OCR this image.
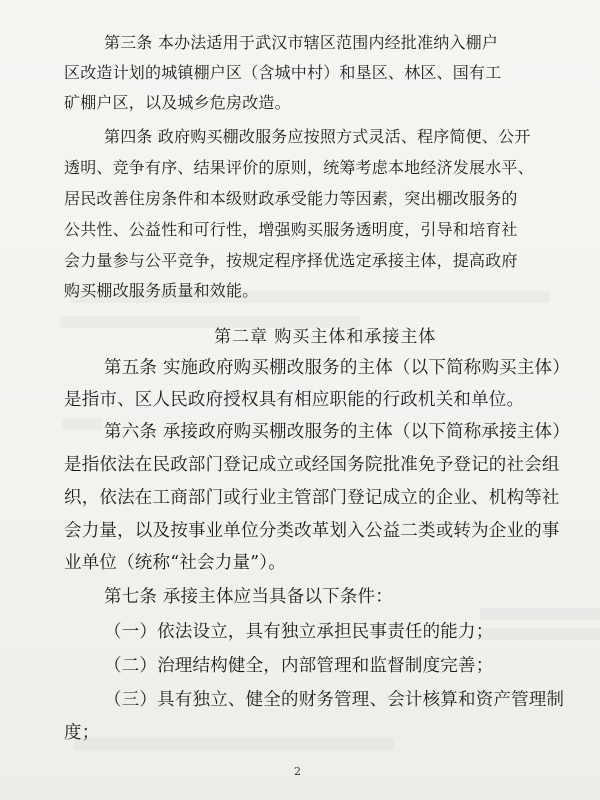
第三条 本办法适用于武汉市辖区范围内经批准纳入棚户
区改造计划的城镇棚户区（含城中村）和垦区、林区、国有工
矿棚户区，以及城乡危房改造。
第四条 政府购买棚改服务应按照方式灵活、程序简便、公开
透明、竞争有序、结果评价的原则，统筹考虑本地经济发展水平、
居民改善住房条件和本级财政承受能力等因素，突出棚改服务的
公共性、公益性和可行性，增强购买服务透明度，引导和培育社
会力量参与公平竞争，按规定程序择优选定承接主体，提高政府
购买棚改服务质量和效能。
第二章 购买主体和承接主体
第五条 实施政府购买棚改服务的主体（以下简称购买主体）
是指市、区人民政府授权具有相应职能的行政机关和单位。
第六条 承接政府购买棚改服务的主体（以下简称承接主体）
是指依法在民政部门登记成立或经国务院批准免予登记的社会组
织，依法在工商部门或行业主管部门登记成立的企业、机构等社
会力量，以及按事业单位分类改革划入公益二类或转为企业的事
业单位（统称“社会力量”）。
第七条 承接主体应当具备以下条件：
（一）依法设立，具有独立承担民事责任的能力；
（二）治理结构健全，内部管理和监督制度完善；
（三）具有独立、健全的财务管理、会计核算和资产管理制
度；
2
